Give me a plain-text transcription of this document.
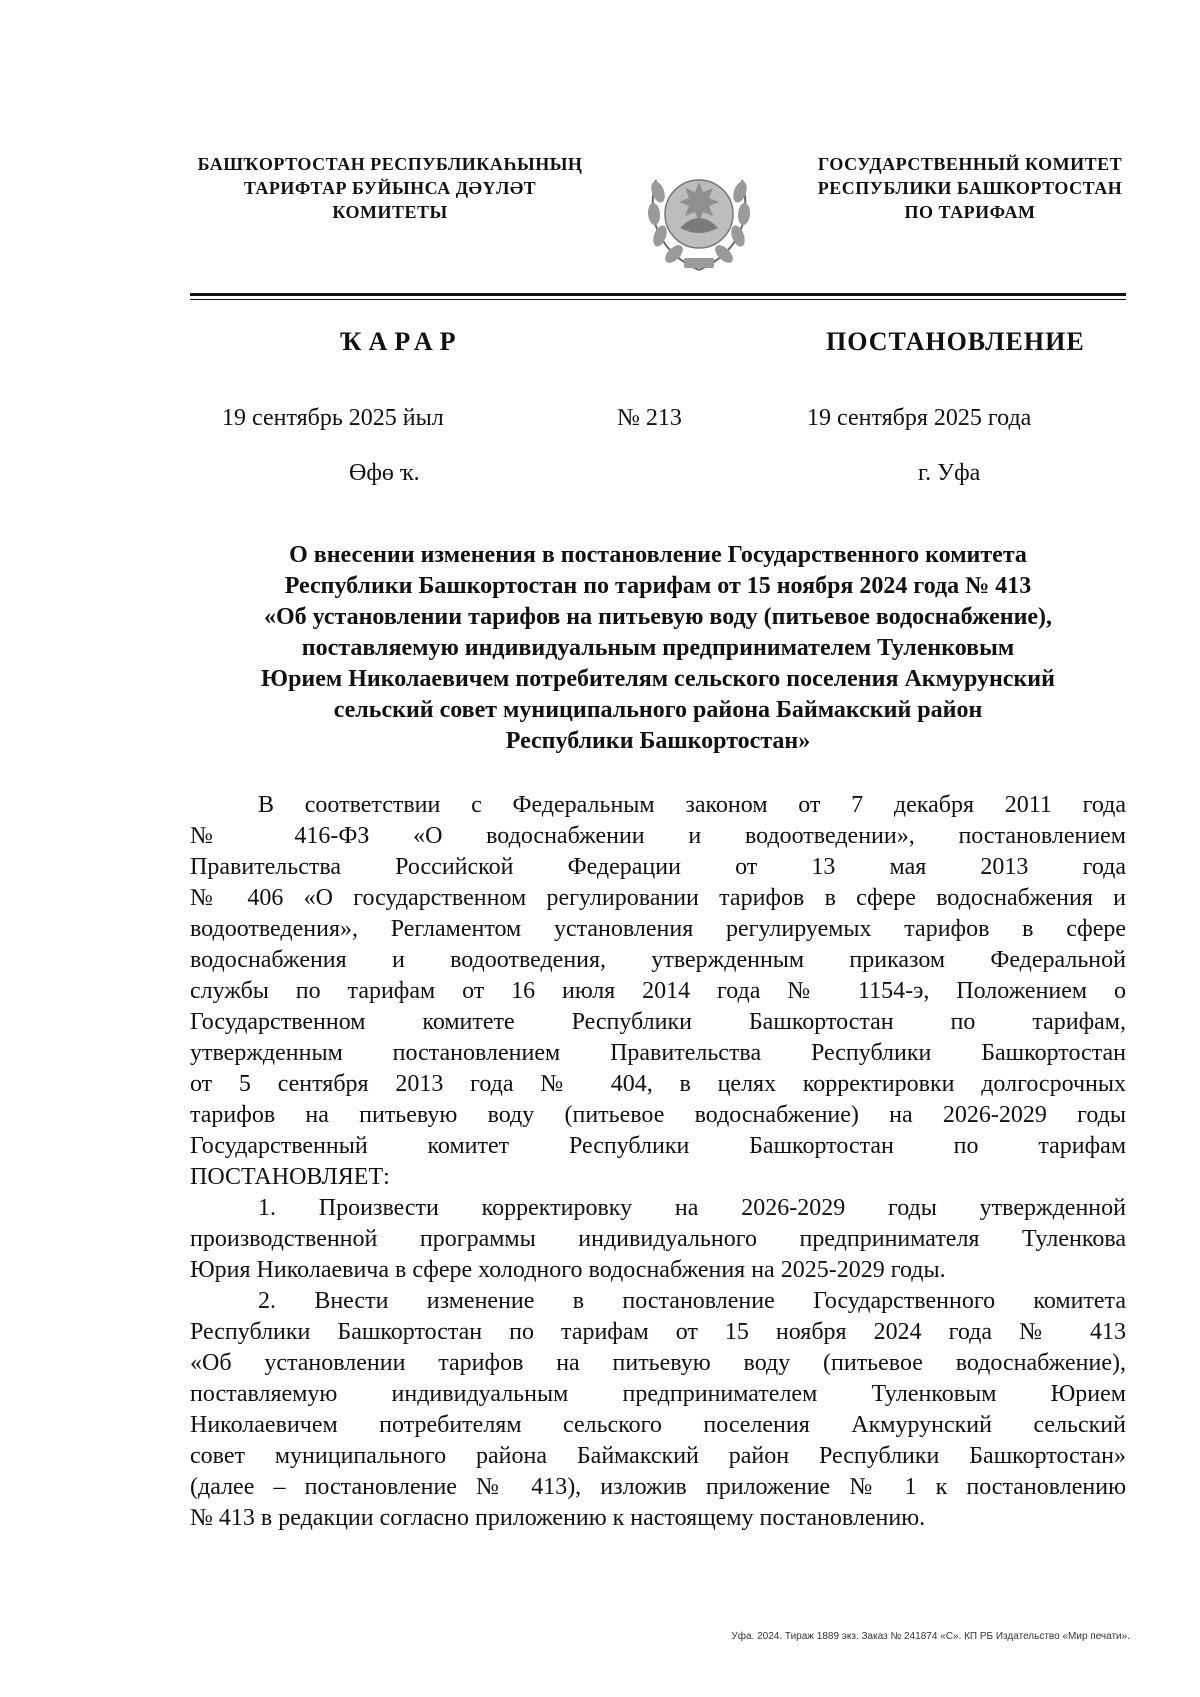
БАШҠОРТОСТАН РЕСПУБЛИКАҺЫНЫҢ
ТАРИФТАР БУЙЫНСА ДӘҮЛӘТ
КОМИТЕТЫ
ГОСУДАРСТВЕННЫЙ КОМИТЕТ
РЕСПУБЛИКИ БАШКОРТОСТАН
ПО ТАРИФАМ
ҠАРАР	ПОСТАНОВЛЕНИЕ
19 сентябрь 2025 йыл	№ 213	19 сентября 2025 года
Өфө ҡ.	г. Уфа
О внесении изменения в постановление Государственного комитета
Республики Башкортостан по тарифам от 15 ноября 2024 года № 413
«Об установлении тарифов на питьевую воду (питьевое водоснабжение),
поставляемую индивидуальным предпринимателем Туленковым
Юрием Николаевичем потребителям сельского поселения Акмурунский
сельский совет муниципального района Баймакский район
Республики Башкортостан»
В соответствии с Федеральным законом от 7 декабря 2011 года
№ 416-ФЗ «О водоснабжении и водоотведении», постановлением
Правительства Российской Федерации от 13 мая 2013 года
№ 406 «О государственном регулировании тарифов в сфере водоснабжения и
водоотведения», Регламентом установления регулируемых тарифов в сфере
водоснабжения и водоотведения, утвержденным приказом Федеральной
службы по тарифам от 16 июля 2014 года № 1154-э, Положением о
Государственном комитете Республики Башкортостан по тарифам,
утвержденным постановлением Правительства Республики Башкортостан
от 5 сентября 2013 года № 404, в целях корректировки долгосрочных
тарифов на питьевую воду (питьевое водоснабжение) на 2026-2029 годы
Государственный комитет Республики Башкортостан по тарифам
ПОСТАНОВЛЯЕТ:
1. Произвести корректировку на 2026-2029 годы утвержденной
производственной программы индивидуального предпринимателя Туленкова
Юрия Николаевича в сфере холодного водоснабжения на 2025-2029 годы.
2. Внести изменение в постановление Государственного комитета
Республики Башкортостан по тарифам от 15 ноября 2024 года № 413
«Об установлении тарифов на питьевую воду (питьевое водоснабжение),
поставляемую индивидуальным предпринимателем Туленковым Юрием
Николаевичем потребителям сельского поселения Акмурунский сельский
совет муниципального района Баймакский район Республики Башкортостан»
(далее – постановление № 413), изложив приложение № 1 к постановлению
№ 413 в редакции согласно приложению к настоящему постановлению.
Уфа. 2024. Тираж 1889 экз. Заказ № 241874 «С». КП РБ Издательство «Мир печати».
